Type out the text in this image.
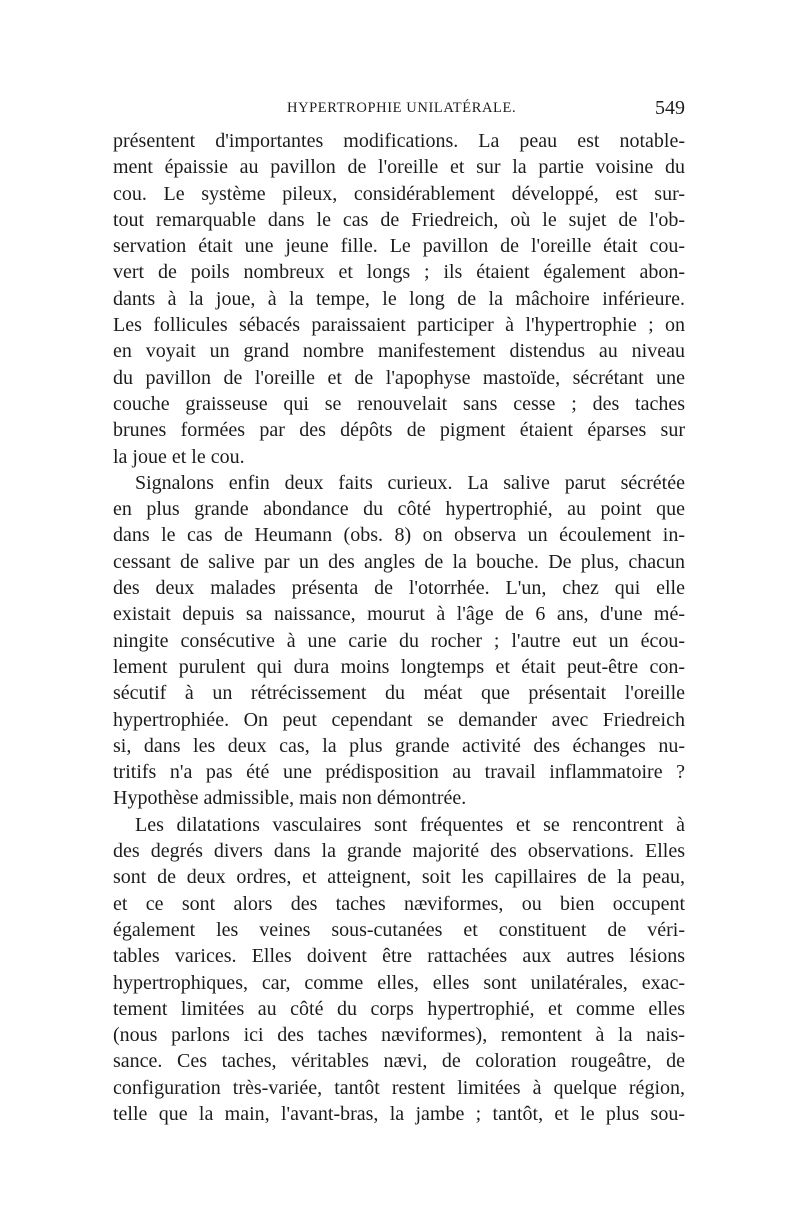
HYPERTROPHIE UNILATÉRALE.	549
présentent d'importantes modifications. La peau est notable-
ment épaissie au pavillon de l'oreille et sur la partie voisine du
cou. Le système pileux, considérablement développé, est sur-
tout remarquable dans le cas de Friedreich, où le sujet de l'ob-
servation était une jeune fille. Le pavillon de l'oreille était cou-
vert de poils nombreux et longs ; ils étaient également abon-
dants à la joue, à la tempe, le long de la mâchoire inférieure.
Les follicules sébacés paraissaient participer à l'hypertrophie ; on
en voyait un grand nombre manifestement distendus au niveau
du pavillon de l'oreille et de l'apophyse mastoïde, sécrétant une
couche graisseuse qui se renouvelait sans cesse ; des taches
brunes formées par des dépôts de pigment étaient éparses sur
la joue et le cou.
Signalons enfin deux faits curieux. La salive parut sécrétée
en plus grande abondance du côté hypertrophié, au point que
dans le cas de Heumann (obs. 8) on observa un écoulement in-
cessant de salive par un des angles de la bouche. De plus, chacun
des deux malades présenta de l'otorrhée. L'un, chez qui elle
existait depuis sa naissance, mourut à l'âge de 6 ans, d'une mé-
ningite consécutive à une carie du rocher ; l'autre eut un écou-
lement purulent qui dura moins longtemps et était peut-être con-
sécutif à un rétrécissement du méat que présentait l'oreille
hypertrophiée. On peut cependant se demander avec Friedreich
si, dans les deux cas, la plus grande activité des échanges nu-
tritifs n'a pas été une prédisposition au travail inflammatoire ?
Hypothèse admissible, mais non démontrée.
Les dilatations vasculaires sont fréquentes et se rencontrent à
des degrés divers dans la grande majorité des observations. Elles
sont de deux ordres, et atteignent, soit les capillaires de la peau,
et ce sont alors des taches næviformes, ou bien occupent
également les veines sous-cutanées et constituent de véri-
tables varices. Elles doivent être rattachées aux autres lésions
hypertrophiques, car, comme elles, elles sont unilatérales, exac-
tement limitées au côté du corps hypertrophié, et comme elles
(nous parlons ici des taches næviformes), remontent à la nais-
sance. Ces taches, véritables nævi, de coloration rougeâtre, de
configuration très-variée, tantôt restent limitées à quelque région,
telle que la main, l'avant-bras, la jambe ; tantôt, et le plus sou-
